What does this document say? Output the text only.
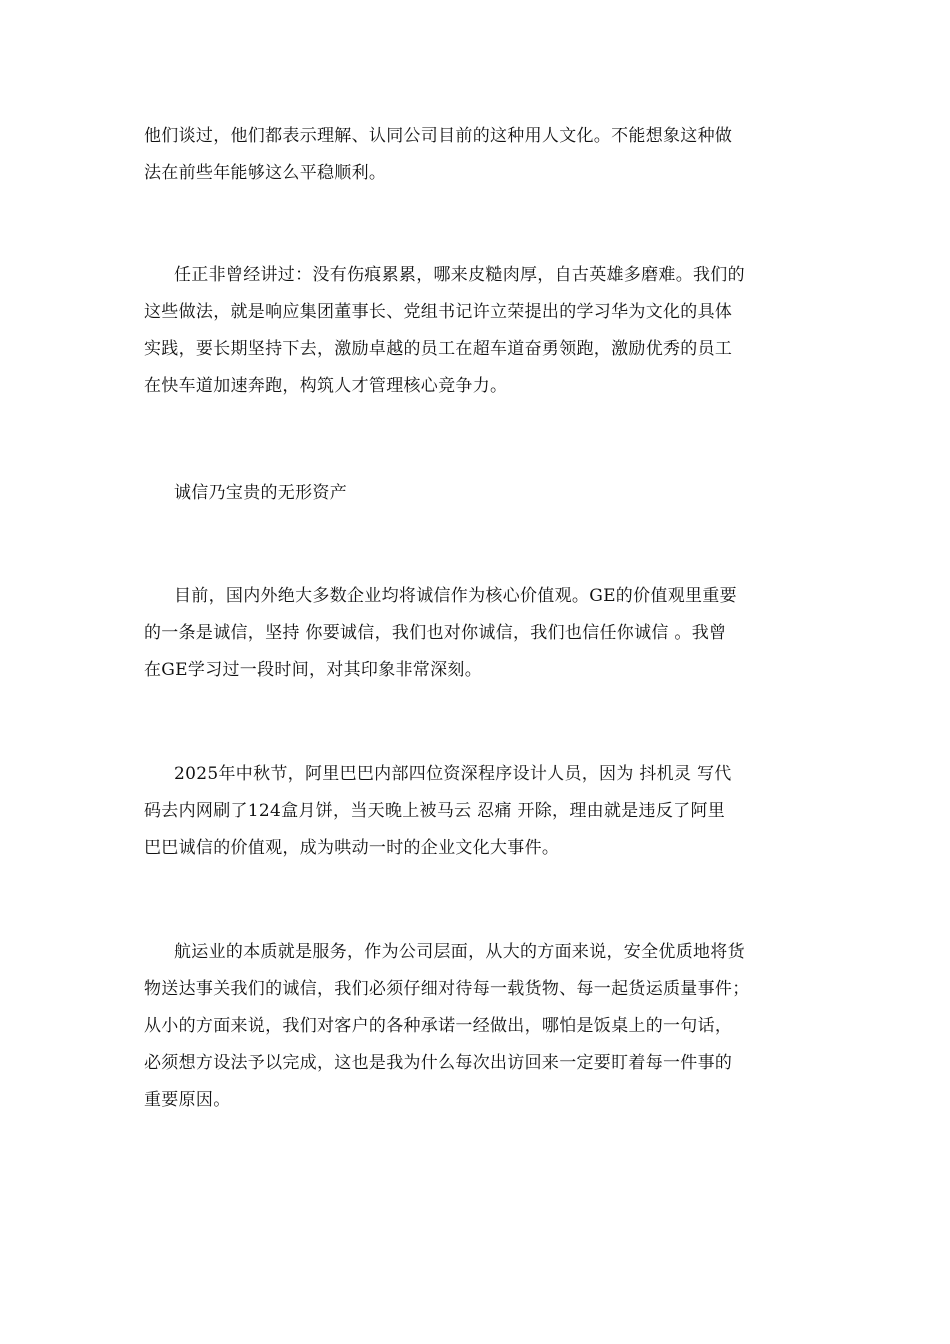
他们谈过，他们都表示理解、认同公司目前的这种用人文化。不能想象这种做
法在前些年能够这么平稳顺利。

任正非曾经讲过：没有伤痕累累，哪来皮糙肉厚，自古英雄多磨难。我们的
这些做法，就是响应集团董事长、党组书记许立荣提出的学习华为文化的具体
实践，要长期坚持下去，激励卓越的员工在超车道奋勇领跑，激励优秀的员工
在快车道加速奔跑，构筑人才管理核心竞争力。

诚信乃宝贵的无形资产

目前，国内外绝大多数企业均将诚信作为核心价值观。GE的价值观里重要
的一条是诚信，坚持 你要诚信，我们也对你诚信，我们也信任你诚信 。我曾
在GE学习过一段时间，对其印象非常深刻。

2025年中秋节，阿里巴巴内部四位资深程序设计人员，因为 抖机灵 写代
码去内网刷了124盒月饼，当天晚上被马云 忍痛 开除，理由就是违反了阿里
巴巴诚信的价值观，成为哄动一时的企业文化大事件。

航运业的本质就是服务，作为公司层面，从大的方面来说，安全优质地将货
物送达事关我们的诚信，我们必须仔细对待每一载货物、每一起货运质量事件；
从小的方面来说，我们对客户的各种承诺一经做出，哪怕是饭桌上的一句话，
必须想方设法予以完成，这也是我为什么每次出访回来一定要盯着每一件事的
重要原因。
